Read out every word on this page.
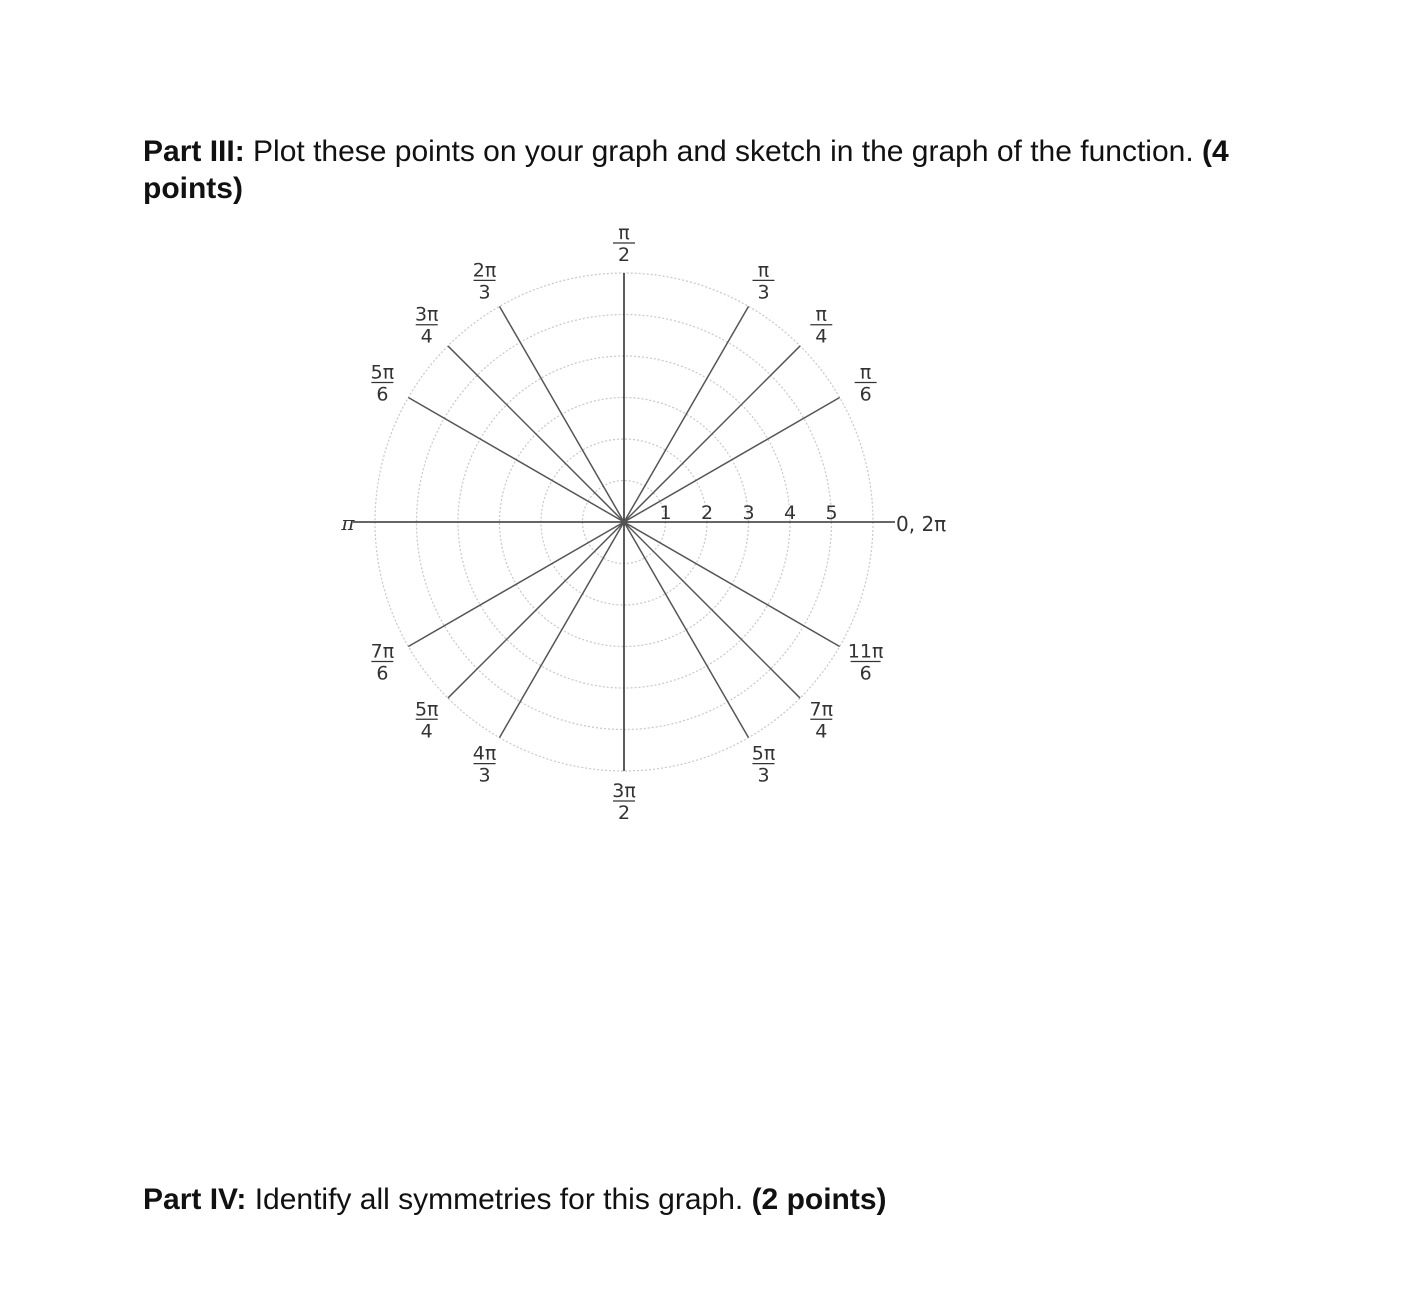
Part III: Plot these points on your graph and sketch in the graph of the function. (4 points)

π	0, 2π
1 2 3 4 5
π
6
π
4
π
3
π
2
2π
3
3π
4
5π
6
7π
6
5π
4
4π
3
3π
2
5π
3
7π
4
11π
6

Part IV: Identify all symmetries for this graph. (2 points)
